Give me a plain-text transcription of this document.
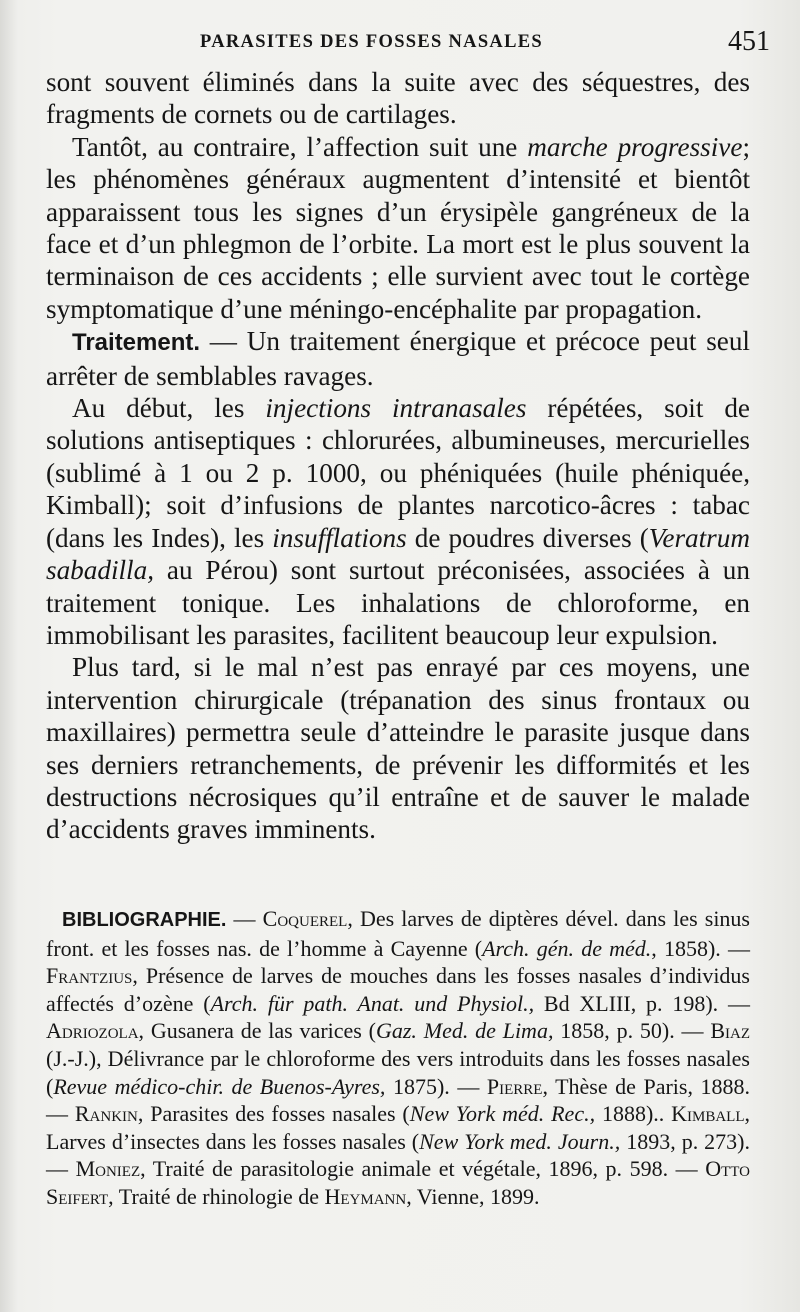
PARASITES DES FOSSES NASALES	451

sont souvent éliminés dans la suite avec des séquestres, des fragments de cornets ou de cartilages.

Tantôt, au contraire, l’affection suit une marche progressive; les phénomènes généraux augmentent d’intensité et bientôt apparaissent tous les signes d’un érysipèle gangréneux de la face et d’un phlegmon de l’orbite. La mort est le plus souvent la terminaison de ces accidents ; elle survient avec tout le cortège symptomatique d’une méningo-encéphalite par propagation.

Traitement. — Un traitement énergique et précoce peut seul arrêter de semblables ravages.

Au début, les injections intranasales répétées, soit de solutions antiseptiques : chlorurées, albumineuses, mercurielles (sublimé à 1 ou 2 p. 1000, ou phéniquées (huile phéniquée, Kimball); soit d’infusions de plantes narcotico-âcres : tabac (dans les Indes), les insufflations de poudres diverses (Veratrum sabadilla, au Pérou) sont surtout préconisées, associées à un traitement tonique. Les inhalations de chloroforme, en immobilisant les parasites, facilitent beaucoup leur expulsion.

Plus tard, si le mal n’est pas enrayé par ces moyens, une intervention chirurgicale (trépanation des sinus frontaux ou maxillaires) permettra seule d’atteindre le parasite jusque dans ses derniers retranchements, de prévenir les difformités et les destructions nécrosiques qu’il entraîne et de sauver le malade d’accidents graves imminents.

BIBLIOGRAPHIE. — Coquerel, Des larves de diptères dével. dans les sinus front. et les fosses nas. de l’homme à Cayenne (Arch. gén. de méd., 1858). — Frantzius, Présence de larves de mouches dans les fosses nasales d’individus affectés d’ozène (Arch. für path. Anat. und Physiol., Bd XLIII, p. 198). — Adriozola, Gusanera de las varices (Gaz. Med. de Lima, 1858, p. 50). — Biaz (J.-J.), Délivrance par le chloroforme des vers introduits dans les fosses nasales (Revue médico-chir. de Buenos-Ayres, 1875). — Pierre, Thèse de Paris, 1888. — Rankin, Parasites des fosses nasales (New York méd. Rec., 1888).. Kimball, Larves d’insectes dans les fosses nasales (New York med. Journ., 1893, p. 273). — Moniez, Traité de parasitologie animale et végétale, 1896, p. 598. — Otto Seifert, Traité de rhinologie de Heymann, Vienne, 1899.
